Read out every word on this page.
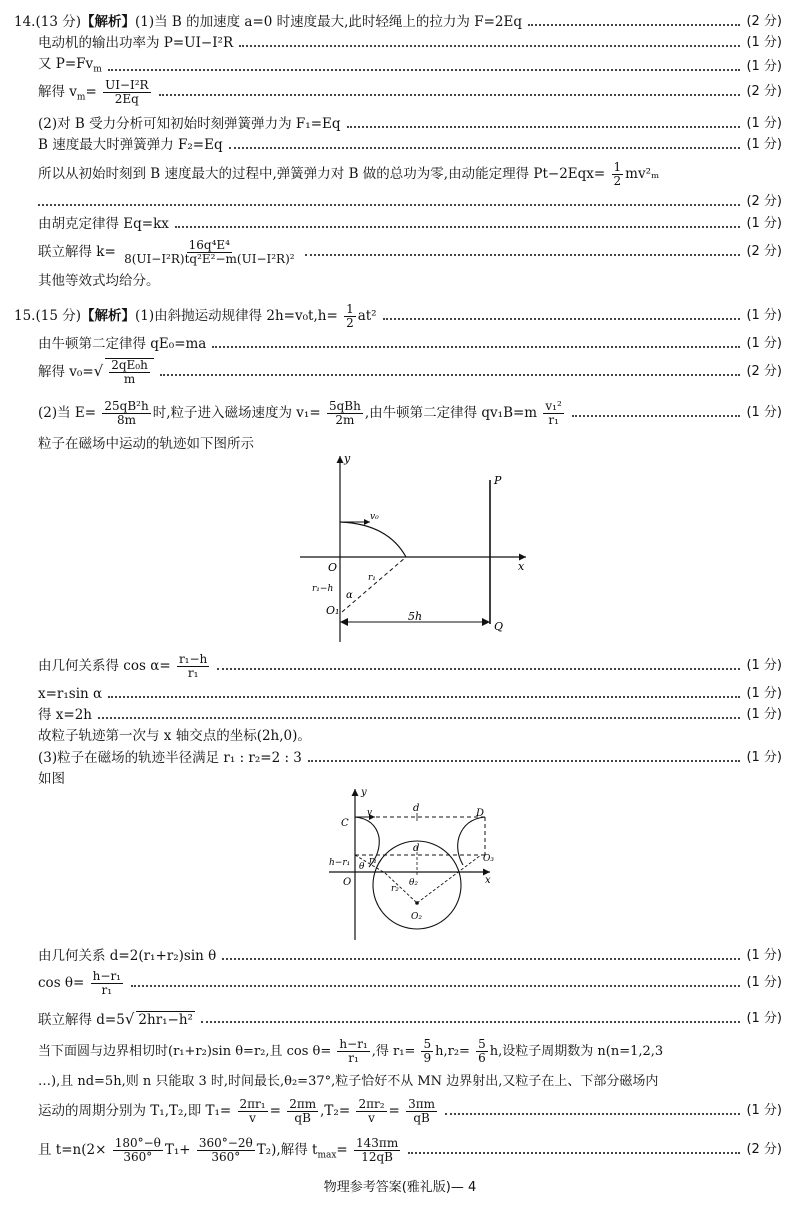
14.(13 分)【解析】(1)当 B 的加速度 a=0 时速度最大,此时轻绳上的拉力为 F=2Eq	(2 分)
电动机的输出功率为 P=UI−I²R	(1 分)
又 $P=Fv_m$	(1 分)
解得 $v_m= \frac{\text{UI−I²R}}{2Eq}$	(2 分)
(2)对 B 受力分析可知初始时刻弹簧弹力为 F₁=Eq	(1 分)
B 速度最大时弹簧弹力 F₂=Eq	(1 分)
所以从初始时刻到 B 速度最大的过程中,弹簧弹力对 B 做的总功为零,由动能定理得 $Pt-2Eqx= \frac{1}{2} mv^2_m$
(2 分)
由胡克定律得 Eq=kx	(1 分)
联立解得 $k= \frac{\text{16q⁴E⁴}}{\text{8(UI−I²R)tq²E²−m(UI−I²R)²}}$	(2 分)
其他等效式均给分。
15.(15 分)【解析】(1)由斜抛运动规律得 $2h=v_0t,h= \frac{1}{2} at^2$	(1 分)
由牛顿第二定律得 qE₀=ma	(1 分)
解得 $v_0=√ \frac{\text{2qE₀h}}{m}$	(2 分)
(2)当 $E= \frac{\text{25qB²h}}{8m}$ 时,粒子进入磁场速度为 $v_1= \frac{\text{5qBh}}{2m}$ ,由牛顿第二定律得 $qv_1B=m \frac{\text{v₁²}}{\text{r₁}}$	(1 分)
粒子在磁场中运动的轨迹如下图所示
y
x
P
Q
O
O₁
v₀
r₁
r₁−h
α
5h
由几何关系得 $\cos \alpha= \frac{\text{r₁−h}}{\text{r₁}}$	(1 分)
x=r₁sin α	(1 分)
得 x=2h	(1 分)
故粒子轨迹第一次与 x 轴交点的坐标(2h,0)。
(3)粒子在磁场的轨迹半径满足 r₁ : r₂=2 : 3	(1 分)
如图
y
x
C
D
O
O₂
O₃
v	d
d
h−r₁ r₁
r₂
θ
θ₂
由几何关系 d=2(r₁+r₂)sin θ	(1 分)
$\cos \theta= \frac{\text{h−r₁}}{\text{r₁}}$	(1 分)
联立解得 d=5√ 2hr₁−h²	(1 分)
当下面圆与边界相切时(r₁+r₂)sin θ=r₂,且 $\cos \theta= \frac{\text{h−r₁}}{\text{r₁}}$ ,得 $r_1= \frac{5}{9} h,r_2= \frac{5}{6} h$,设粒子周期数为 n(n=1,2,3
…),且 nd=5h,则 n 只能取 3 时,时间最长,θ₂=37°,粒子恰好不从 MN 边界射出,又粒子在上、下部分磁场内
运动的周期分别为 T₁,T₂,即 $T_1= \frac{\text{2πr₁}}{v} = \frac{2\pi m}{qB} ,T_2= \frac{\text{2πr₂}}{v} = \frac{3\pi m}{qB}$	(1 分)
且 $t=n(2\times \frac{180^\circ-\theta}{360^\circ} T_1+ \frac{360^\circ-2\theta}{360^\circ} T_2)$,解得 $t_{max}= \frac{143\pi m}{12qB}$	(2 分)
物理参考答案(雅礼版)— 4
